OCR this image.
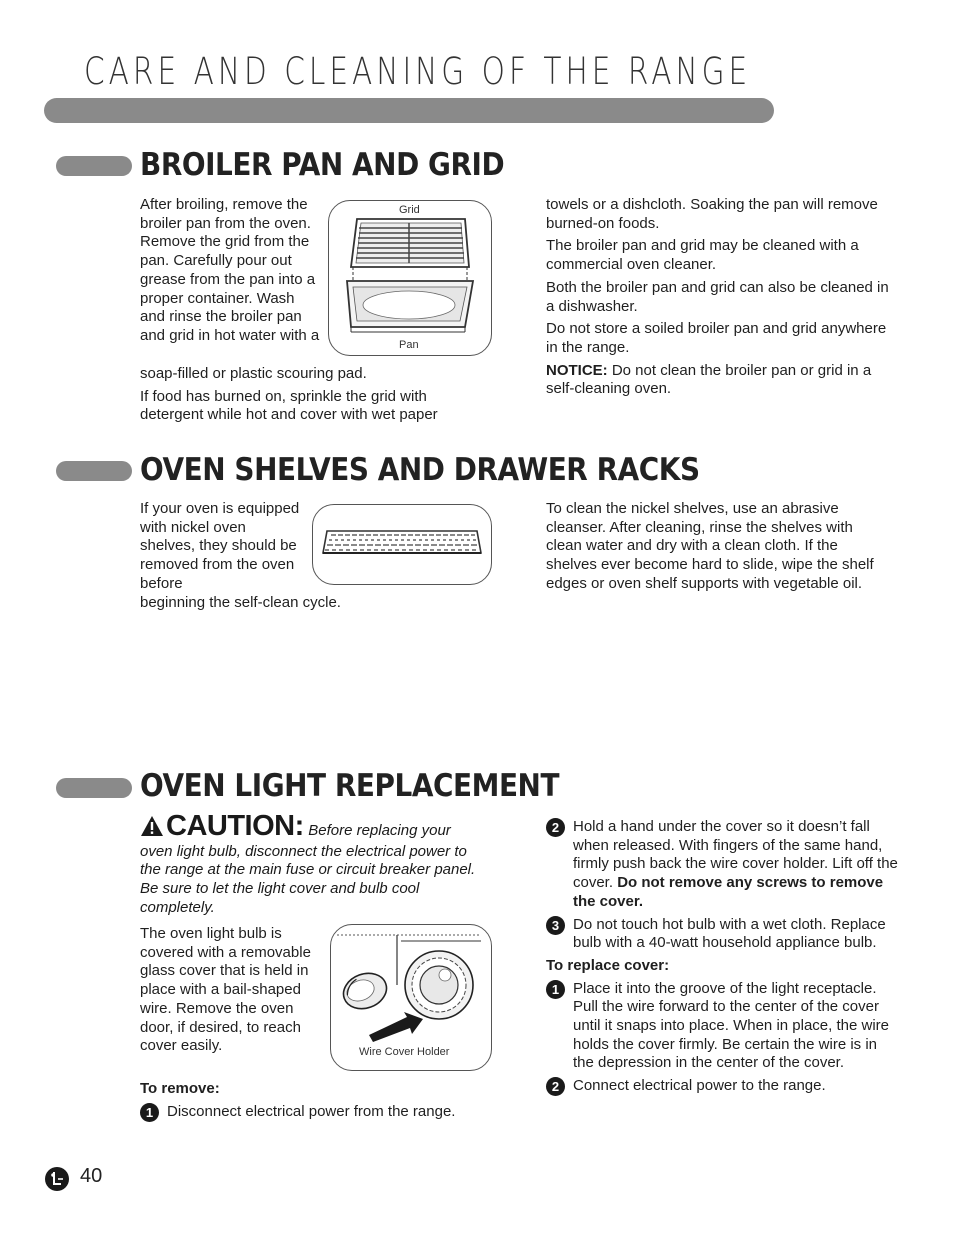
CARE AND CLEANING OF THE RANGE
BROILER PAN AND GRID
Grid
Pan

After broiling, remove the broiler pan from the oven. Remove the grid from the pan. Carefully pour out grease from the pan into a proper container. Wash and rinse the broiler pan and grid in hot water with a

soap-filled or plastic scouring pad.

If food has burned on, sprinkle the grid with detergent while hot and cover with wet paper

towels or a dishcloth. Soaking the pan will remove burned-on foods.

The broiler pan and grid may be cleaned with a commercial oven cleaner.

Both the broiler pan and grid can also be cleaned in a dishwasher.

Do not store a soiled broiler pan and grid anywhere in the range.

NOTICE: Do not clean the broiler pan or grid in a self-cleaning oven.

OVEN SHELVES AND DRAWER RACKS

If your oven is equipped with nickel oven shelves, they should be removed from the oven before

beginning the self-clean cycle.

To clean the nickel shelves, use an abrasive cleanser. After cleaning, rinse the shelves with clean water and dry with a clean cloth. If the shelves ever become hard to slide, wipe the shelf edges or oven shelf supports with vegetable oil.

OVEN LIGHT REPLACEMENT
CAUTION: Before replacing your oven light bulb, disconnect the electrical power to the range at the main fuse or circuit breaker panel. Be sure to let the light cover and bulb cool completely.
Wire Cover Holder

The oven light bulb is covered with a removable glass cover that is held in place with a bail-shaped wire. Remove the oven door, if desired, to reach cover easily.

To remove:

1 Disconnect electrical power from the range.
2 Hold a hand under the cover so it doesn’t fall when released. With fingers of the same hand, firmly push back the wire cover holder. Lift off the cover. Do not remove any screws to remove the cover.
3 Do not touch hot bulb with a wet cloth. Replace bulb with a 40-watt household appliance bulb.

To replace cover:

1 Place it into the groove of the light receptacle. Pull the wire forward to the center of the cover until it snaps into place. When in place, the wire holds the cover firmly. Be certain the wire is in the depression in the center of the cover.
2 Connect electrical power to the range.
40
